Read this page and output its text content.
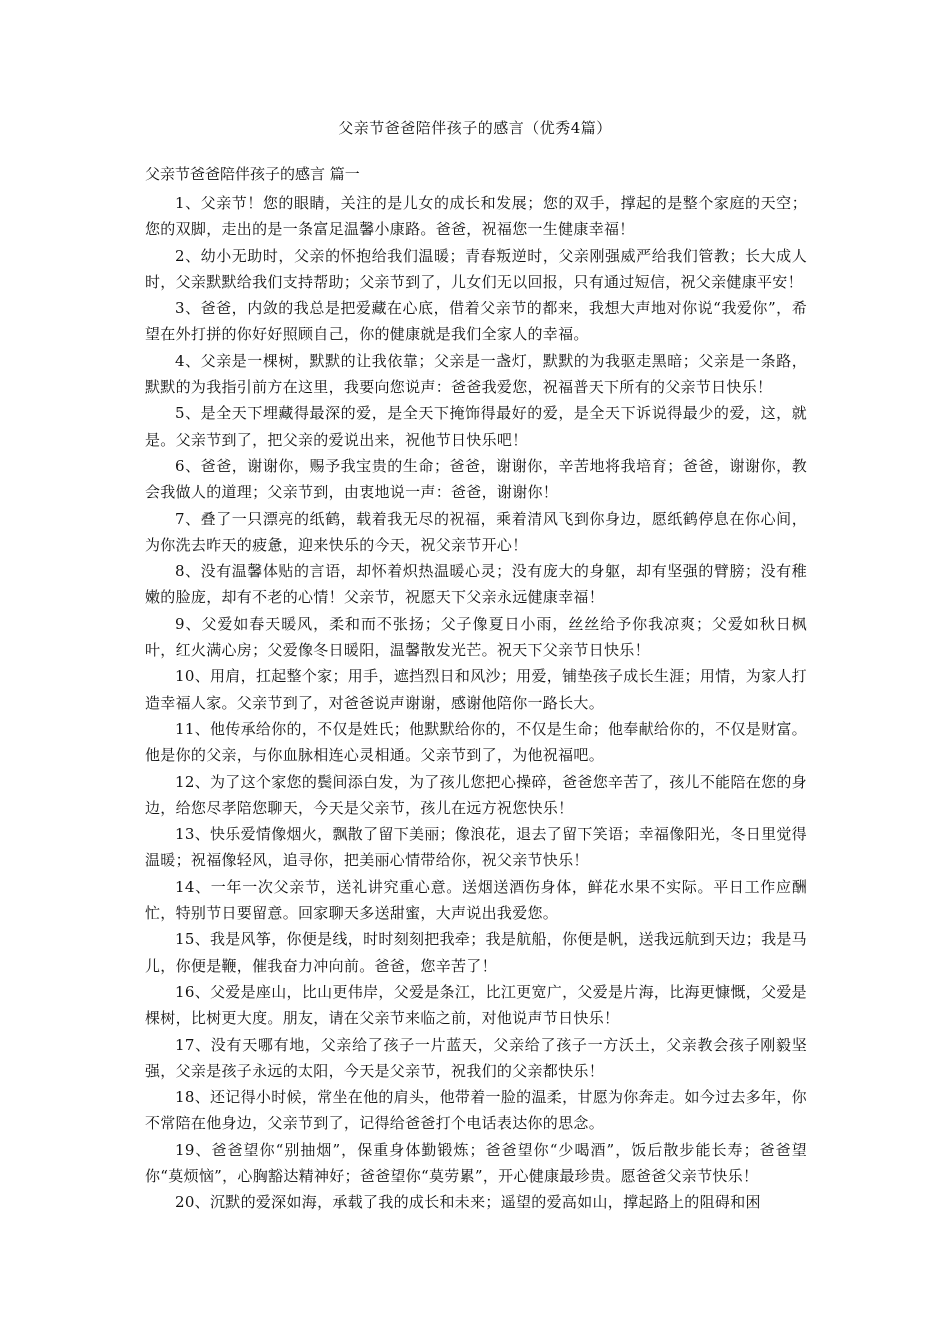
父亲节爸爸陪伴孩子的感言（优秀4篇）
父亲节爸爸陪伴孩子的感言 篇一

1、父亲节！您的眼睛，关注的是儿女的成长和发展；您的双手，撑起的是整个家庭的天空；您的双脚，走出的是一条富足温馨小康路。爸爸，祝福您一生健康幸福！

2、幼小无助时，父亲的怀抱给我们温暖；青春叛逆时，父亲刚强威严给我们管教；长大成人时，父亲默默给我们支持帮助；父亲节到了，儿女们无以回报，只有通过短信，祝父亲健康平安！

3、爸爸，内敛的我总是把爱藏在心底，借着父亲节的都来，我想大声地对你说“我爱你”，希望在外打拼的你好好照顾自己，你的健康就是我们全家人的幸福。

4、父亲是一棵树，默默的让我依靠；父亲是一盏灯，默默的为我驱走黑暗；父亲是一条路，默默的为我指引前方在这里，我要向您说声：爸爸我爱您，祝福普天下所有的父亲节日快乐！

5、是全天下埋藏得最深的爱，是全天下掩饰得最好的爱，是全天下诉说得最少的爱，这，就是。父亲节到了，把父亲的爱说出来，祝他节日快乐吧！

6、爸爸，谢谢你，赐予我宝贵的生命；爸爸，谢谢你，辛苦地将我培育；爸爸，谢谢你，教会我做人的道理；父亲节到，由衷地说一声：爸爸，谢谢你！

7、叠了一只漂亮的纸鹤，载着我无尽的祝福，乘着清风飞到你身边，愿纸鹤停息在你心间，为你洗去昨天的疲惫，迎来快乐的今天，祝父亲节开心！

8、没有温馨体贴的言语，却怀着炽热温暖心灵；没有庞大的身躯，却有坚强的臂膀；没有稚嫩的脸庞，却有不老的心情！父亲节，祝愿天下父亲永远健康幸福！

9、父爱如春天暖风，柔和而不张扬；父子像夏日小雨，丝丝给予你我凉爽；父爱如秋日枫叶，红火满心房；父爱像冬日暖阳，温馨散发光芒。祝天下父亲节日快乐！

10、用肩，扛起整个家；用手，遮挡烈日和风沙；用爱，铺垫孩子成长生涯；用情，为家人打造幸福人家。父亲节到了，对爸爸说声谢谢，感谢他陪你一路长大。

11、他传承给你的，不仅是姓氏；他默默给你的，不仅是生命；他奉献给你的，不仅是财富。他是你的父亲，与你血脉相连心灵相通。父亲节到了，为他祝福吧。

12、为了这个家您的鬓间添白发，为了孩儿您把心操碎，爸爸您辛苦了，孩儿不能陪在您的身边，给您尽孝陪您聊天，今天是父亲节，孩儿在远方祝您快乐！

13、快乐爱情像烟火，飘散了留下美丽；像浪花，退去了留下笑语；幸福像阳光，冬日里觉得温暖；祝福像轻风，追寻你，把美丽心情带给你，祝父亲节快乐！

14、一年一次父亲节，送礼讲究重心意。送烟送酒伤身体，鲜花水果不实际。平日工作应酬忙，特别节日要留意。回家聊天多送甜蜜，大声说出我爱您。

15、我是风筝，你便是线，时时刻刻把我牵；我是航船，你便是帆，送我远航到天边；我是马儿，你便是鞭，催我奋力冲向前。爸爸，您辛苦了！

16、父爱是座山，比山更伟岸，父爱是条江，比江更宽广，父爱是片海，比海更慷慨，父爱是棵树，比树更大度。朋友，请在父亲节来临之前，对他说声节日快乐！

17、没有天哪有地，父亲给了孩子一片蓝天，父亲给了孩子一方沃土，父亲教会孩子刚毅坚强，父亲是孩子永远的太阳，今天是父亲节，祝我们的父亲都快乐！

18、还记得小时候，常坐在他的肩头，他带着一脸的温柔，甘愿为你奔走。如今过去多年，你不常陪在他身边，父亲节到了，记得给爸爸打个电话表达你的思念。

19、爸爸望你“别抽烟”，保重身体勤锻炼；爸爸望你“少喝酒”，饭后散步能长寿；爸爸望你“莫烦恼”，心胸豁达精神好；爸爸望你“莫劳累”，开心健康最珍贵。愿爸爸父亲节快乐！

20、沉默的爱深如海，承载了我的成长和未来；遥望的爱高如山，撑起路上的阻碍和困
